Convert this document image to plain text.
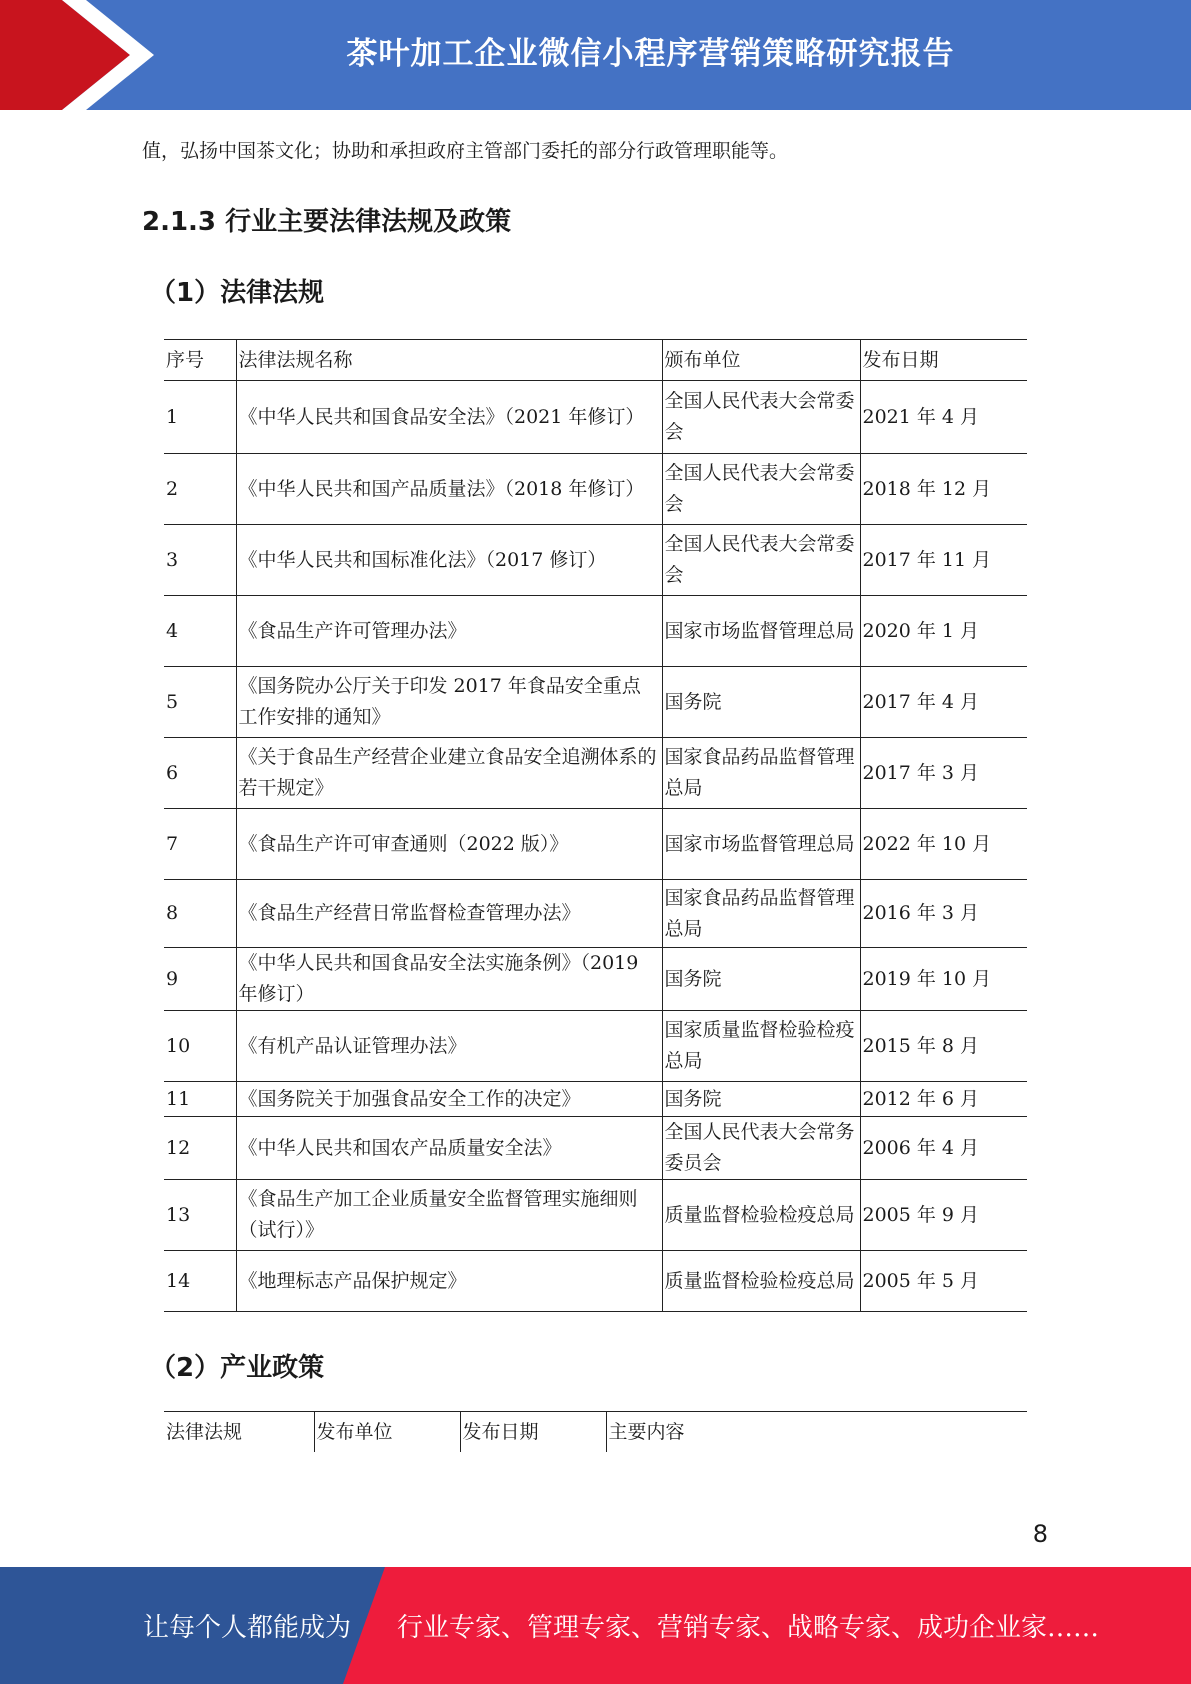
茶叶加工企业微信小程序营销策略研究报告
值，弘扬中国茶文化；协助和承担政府主管部门委托的部分行政管理职能等。
2.1.3 行业主要法律法规及政策
（1）法律法规
序号	法律法规名称	颁布单位	发布日期
1	《中华人民共和国食品安全法》（2021 年修订）	全国人民代表大会常委会	2021 年 4 月
2	《中华人民共和国产品质量法》（2018 年修订）	全国人民代表大会常委会	2018 年 12 月
3	《中华人民共和国标准化法》（2017 修订）	全国人民代表大会常委会	2017 年 11 月
4	《食品生产许可管理办法》	国家市场监督管理总局	2020 年 1 月
5	《国务院办公厅关于印发 2017 年食品安全重点工作安排的通知》	国务院	2017 年 4 月
6	《关于食品生产经营企业建立食品安全追溯体系的若干规定》	国家食品药品监督管理总局	2017 年 3 月
7	《食品生产许可审查通则（2022 版）》	国家市场监督管理总局	2022 年 10 月
8	《食品生产经营日常监督检查管理办法》	国家食品药品监督管理总局	2016 年 3 月
9	《中华人民共和国食品安全法实施条例》（2019 年修订）	国务院	2019 年 10 月
10	《有机产品认证管理办法》	国家质量监督检验检疫总局	2015 年 8 月
11	《国务院关于加强食品安全工作的决定》	国务院	2012 年 6 月
12	《中华人民共和国农产品质量安全法》	全国人民代表大会常务委员会	2006 年 4 月
13	《食品生产加工企业质量安全监督管理实施细则（试行）》	质量监督检验检疫总局	2005 年 9 月
14	《地理标志产品保护规定》	质量监督检验检疫总局	2005 年 5 月
（2）产业政策
法律法规	发布单位	发布日期	主要内容
8
让每个人都能成为 行业专家、管理专家、营销专家、战略专家、成功企业家……
